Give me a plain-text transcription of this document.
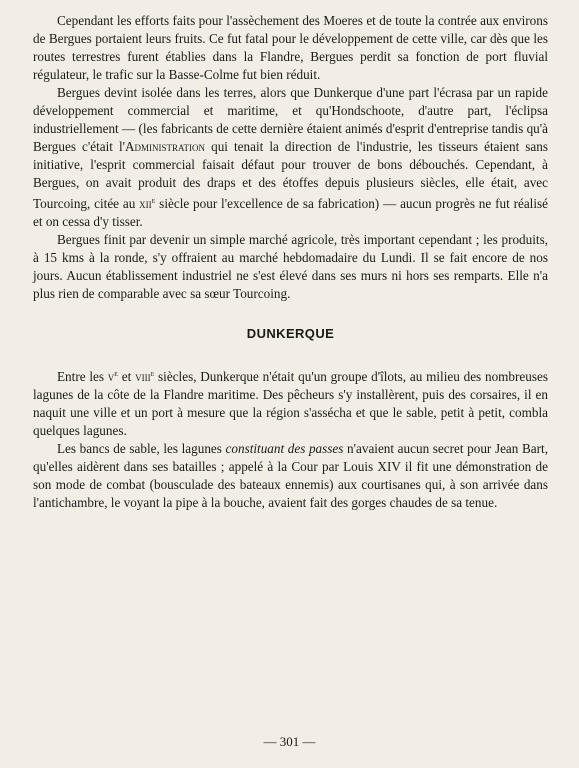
Cependant les efforts faits pour l'assèchement des Moeres et de toute la contrée aux environs de Bergues portaient leurs fruits. Ce fut fatal pour le développement de cette ville, car dès que les routes terrestres furent établies dans la Flandre, Bergues perdit sa fonction de port fluvial régulateur, le trafic sur la Basse-Colme fut bien réduit.

Bergues devint isolée dans les terres, alors que Dunkerque d'une part l'écrasa par un rapide développement commercial et maritime, et qu'Hondschoote, d'autre part, l'éclipsa industriellement — (les fabricants de cette dernière étaient animés d'esprit d'entreprise tandis qu'à Bergues c'était l'Administration qui tenait la direction de l'industrie, les tisseurs étaient sans initiative, l'esprit commercial faisait défaut pour trouver de bons débouchés. Cependant, à Bergues, on avait produit des draps et des étoffes depuis plusieurs siècles, elle était, avec Tourcoing, citée au xii$^e$ siècle pour l'excellence de sa fabrication) — aucun progrès ne fut réalisé et on cessa d'y tisser.

Bergues finit par devenir un simple marché agricole, très important cependant ; les produits, à 15 kms à la ronde, s'y offraient au marché hebdomadaire du Lundi. Il se fait encore de nos jours. Aucun établissement industriel ne s'est élevé dans ses murs ni hors ses remparts. Elle n'a plus rien de comparable avec sa sœur Tourcoing.

DUNKERQUE

Entre les $v^e$ et viii$^e$ siècles, Dunkerque n'était qu'un groupe d'îlots, au milieu des nombreuses lagunes de la côte de la Flandre maritime. Des pêcheurs s'y installèrent, puis des corsaires, il en naquit une ville et un port à mesure que la région s'assécha et que le sable, petit à petit, combla quelques lagunes.

Les bancs de sable, les lagunes constituant des passes n'avaient aucun secret pour Jean Bart, qu'elles aidèrent dans ses batailles ; appelé à la Cour par Louis XIV il fit une démonstration de son mode de combat (bousculade des bateaux ennemis) aux courtisanes qui, à son arrivée dans l'antichambre, le voyant la pipe à la bouche, avaient fait des gorges chaudes de sa tenue.

— 301 —
